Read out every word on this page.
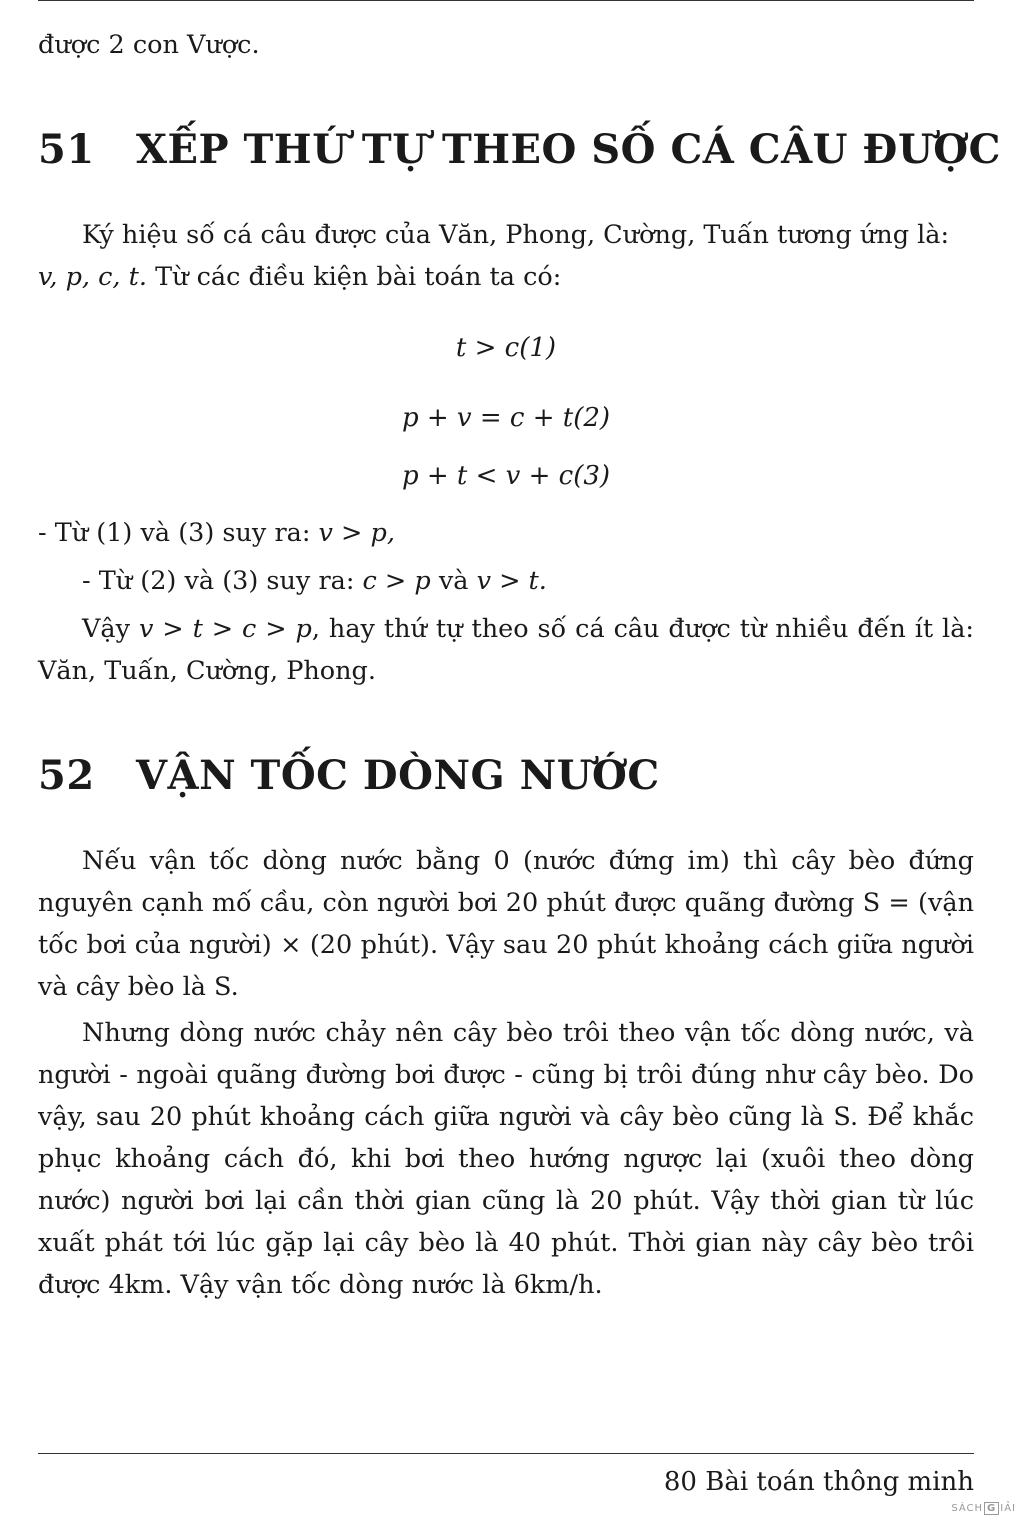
được 2 con Vược.

51 XẾP THỨ TỰ THEO SỐ CÁ CÂU ĐƯỢC

Ký hiệu số cá câu được của Văn, Phong, Cường, Tuấn tương ứng là:

v, p, c, t. Từ các điều kiện bài toán ta có:

t > c(1)
p + v = c + t(2)
p + t < v + c(3)

- Từ (1) và (3) suy ra: v > p,

- Từ (2) và (3) suy ra: c > p và v > t.

Vậy v > t > c > p, hay thứ tự theo số cá câu được từ nhiều đến ít là: Văn, Tuấn, Cường, Phong.

52 VẬN TỐC DÒNG NƯỚC

Nếu vận tốc dòng nước bằng 0 (nước đứng im) thì cây bèo đứng nguyên cạnh mố cầu, còn người bơi 20 phút được quãng đường S = (vận tốc bơi của người) × (20 phút). Vậy sau 20 phút khoảng cách giữa người và cây bèo là S.

Nhưng dòng nước chảy nên cây bèo trôi theo vận tốc dòng nước, và người - ngoài quãng đường bơi được - cũng bị trôi đúng như cây bèo. Do vậy, sau 20 phút khoảng cách giữa người và cây bèo cũng là S. Để khắc phục khoảng cách đó, khi bơi theo hướng ngược lại (xuôi theo dòng nước) người bơi lại cần thời gian cũng là 20 phút. Vậy thời gian từ lúc xuất phát tới lúc gặp lại cây bèo là 40 phút. Thời gian này cây bèo trôi được 4km. Vậy vận tốc dòng nước là 6km/h.

80 Bài toán thông minh
SÁCH G IẢI
